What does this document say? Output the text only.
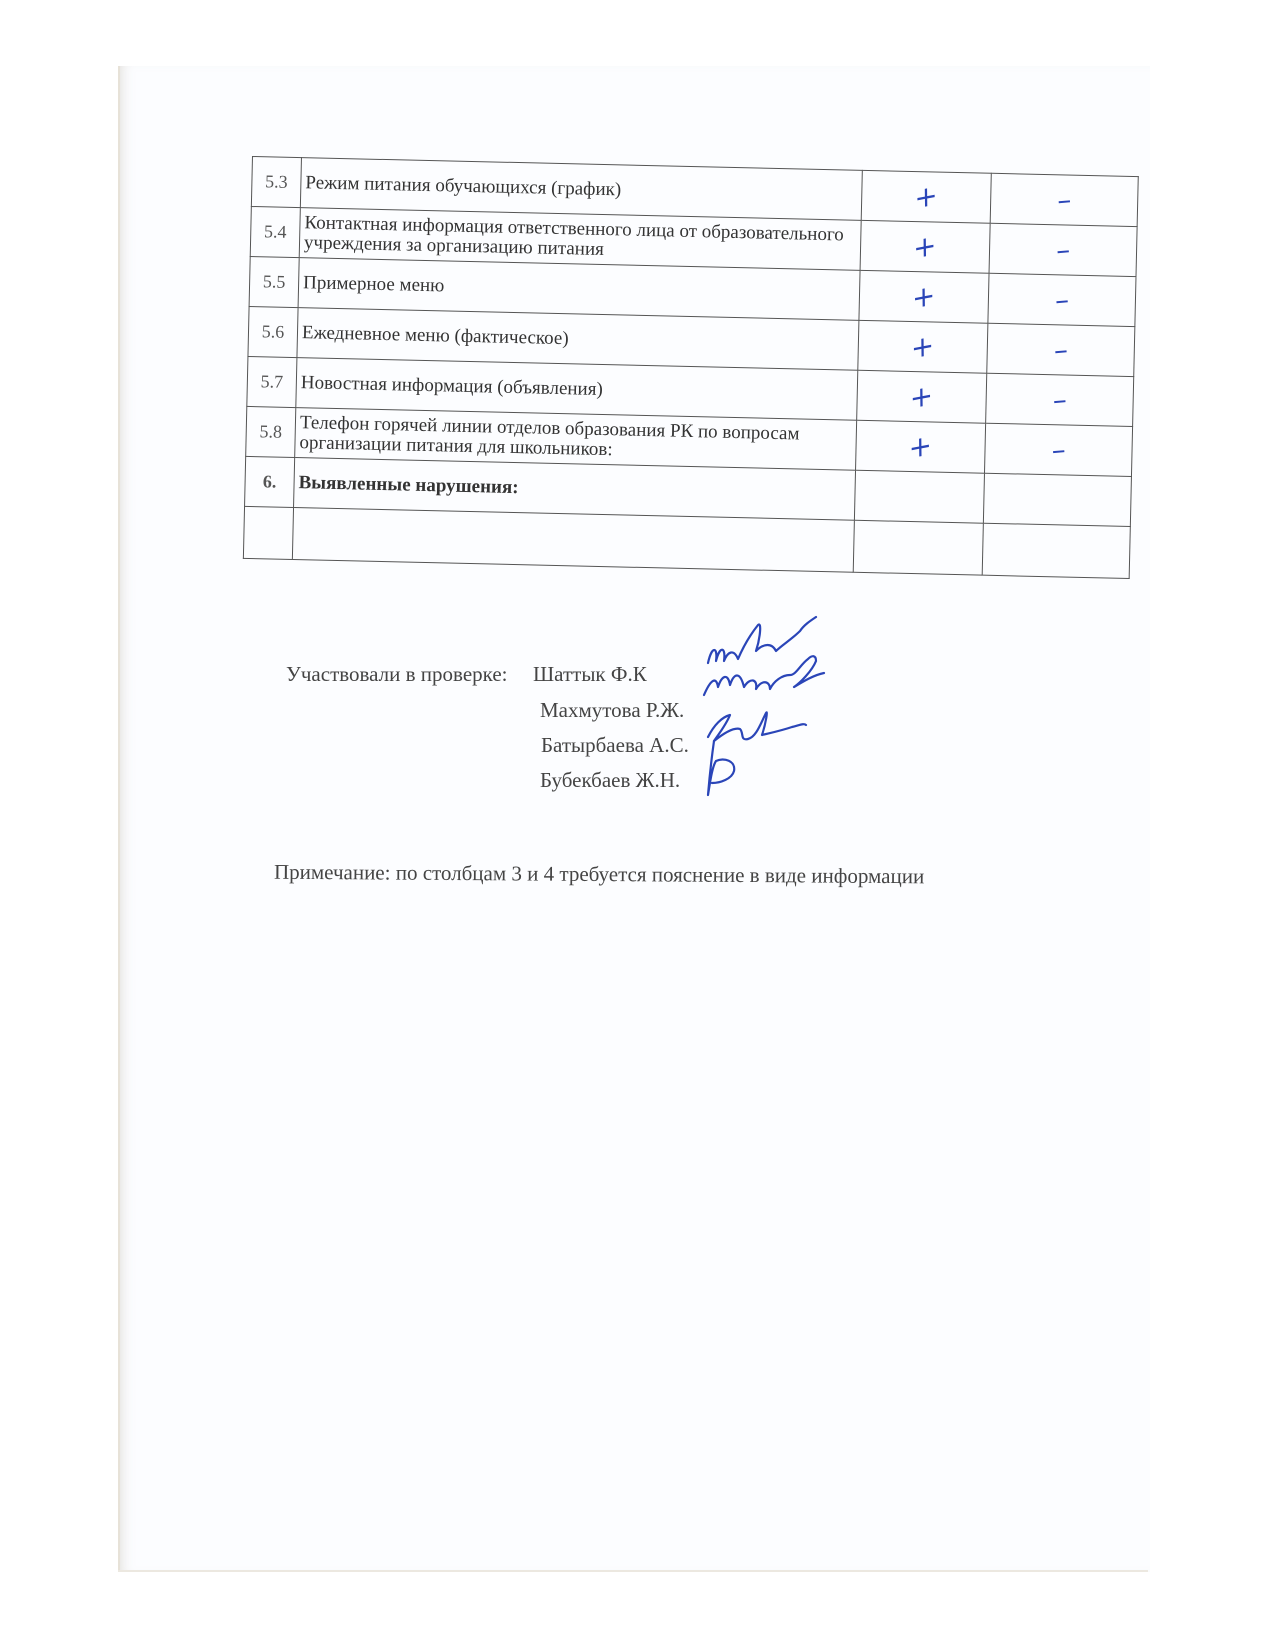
5.3	Режим питания обучающихся (график)	+	–
5.4	Контактная информация ответственного лица от образовательного учреждения за организацию питания	+	–
5.5	Примерное меню	+	–
5.6	Ежедневное меню (фактическое)	+	–
5.7	Новостная информация (объявления)	+	–
5.8	Телефон горячей линии отделов образования РК по вопросам организации питания для школьников:	+	–
6.	Выявленные нарушения:		

Участвовали в проверке: Шаттык Ф.К
Махмутова Р.Ж.
Батырбаева А.С.
Бубекбаев Ж.Н.
Примечание: по столбцам 3 и 4 требуется пояснение в виде информации
